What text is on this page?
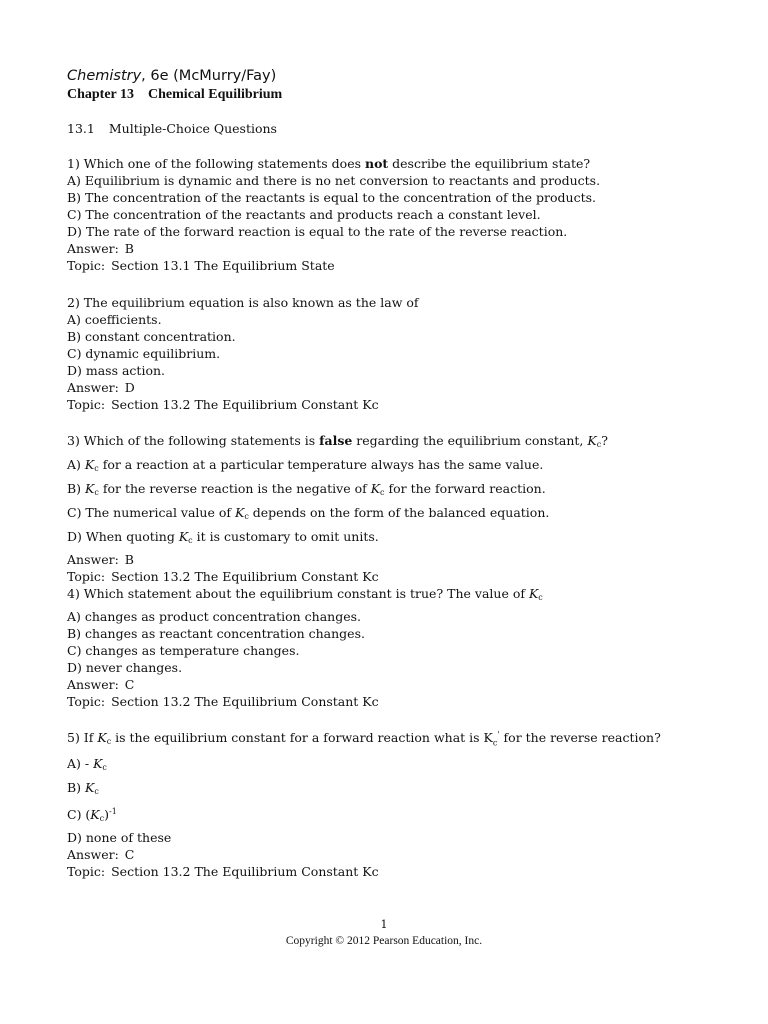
Chemistry, 6e (McMurry/Fay)
Chapter 13 Chemical Equilibrium
13.1 Multiple-Choice Questions
1) Which one of the following statements does not describe the equilibrium state?
A) Equilibrium is dynamic and there is no net conversion to reactants and products.
B) The concentration of the reactants is equal to the concentration of the products.
C) The concentration of the reactants and products reach a constant level.
D) The rate of the forward reaction is equal to the rate of the reverse reaction.
Answer: B
Topic: Section 13.1 The Equilibrium State
2) The equilibrium equation is also known as the law of
A) coefficients.
B) constant concentration.
C) dynamic equilibrium.
D) mass action.
Answer: D
Topic: Section 13.2 The Equilibrium Constant Kc
3) Which of the following statements is false regarding the equilibrium constant, $K_c$?
A) $K_c$ for a reaction at a particular temperature always has the same value.
B) $K_c$ for the reverse reaction is the negative of $K_c$ for the forward reaction.
C) The numerical value of $K_c$ depends on the form of the balanced equation.
D) When quoting $K_c$ it is customary to omit units.
Answer: B
Topic: Section 13.2 The Equilibrium Constant Kc
4) Which statement about the equilibrium constant is true? The value of $K_c$
A) changes as product concentration changes.
B) changes as reactant concentration changes.
C) changes as temperature changes.
D) never changes.
Answer: C
Topic: Section 13.2 The Equilibrium Constant Kc
5) If $K_c$ is the equilibrium constant for a forward reaction what is $K_c'$ for the reverse reaction?
$A) - K_c$
B) $K_c$
C) $(K_c)^{-1}$
D) none of these
Answer: C
Topic: Section 13.2 The Equilibrium Constant Kc
1
Copyright © 2012 Pearson Education, Inc.
